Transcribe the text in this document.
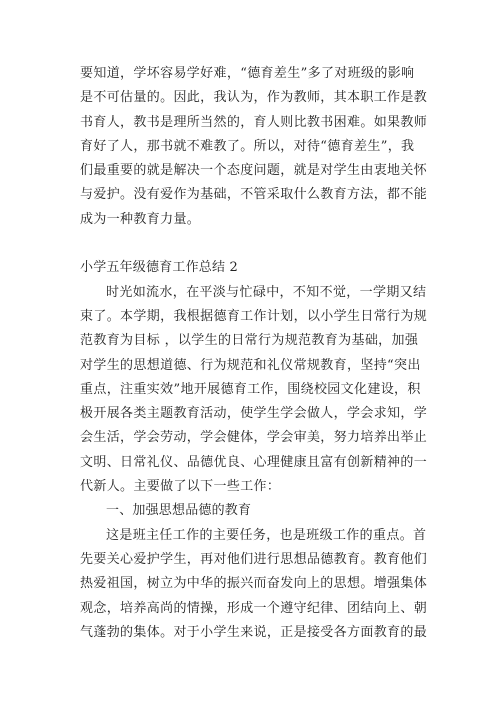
要知道，学坏容易学好难，“德育差生”多了对班级的影响
是不可估量的。因此，我认为，作为教师，其本职工作是教
书育人，教书是理所当然的，育人则比教书困难。如果教师
育好了人，那书就不难教了。所以，对待“德育差生”，我
们最重要的就是解决一个态度问题，就是对学生由衷地关怀
与爱护。没有爱作为基础，不管采取什么教育方法，都不能
成为一种教育力量。
小学五年级德育工作总结 2
时光如流水，在平淡与忙碌中，不知不觉，一学期又结
束了。本学期，我根据德育工作计划，以小学生日常行为规
范教育为目标 ，以学生的日常行为规范教育为基础，加强
对学生的思想道德、行为规范和礼仪常规教育，坚持“突出
重点，注重实效”地开展德育工作，围绕校园文化建设，积
极开展各类主题教育活动，使学生学会做人，学会求知，学
会生活，学会劳动，学会健体，学会审美，努力培养出举止
文明、日常礼仪、品德优良、心理健康且富有创新精神的一
代新人。主要做了以下一些工作：
一、加强思想品德的教育
这是班主任工作的主要任务，也是班级工作的重点。首
先要关心爱护学生，再对他们进行思想品德教育。教育他们
热爱祖国，树立为中华的振兴而奋发向上的思想。增强集体
观念，培养高尚的情操，形成一个遵守纪律、团结向上、朝
气蓬勃的集体。对于小学生来说，正是接受各方面教育的最
